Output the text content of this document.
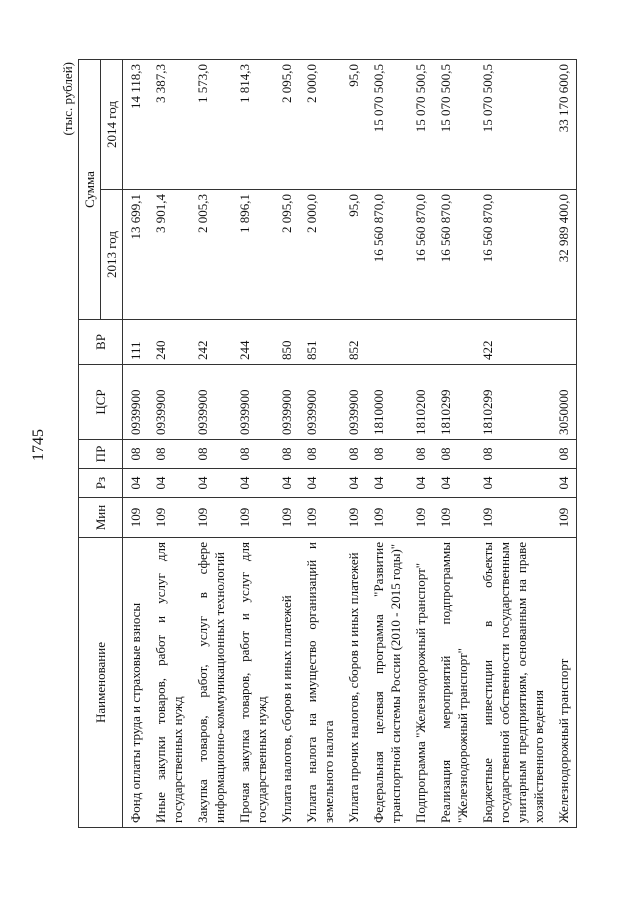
1745
(тыс. рублей)
Наименование	Мин	Рз	ПР	ЦСР	ВР	Сумма	
						2013 год	2014 год
Фонд оплаты труда и страховые взносы	109	04	08	0939900	111	13 699,1	14 118,3
Иные закупки товаров, работ и услуг для государственных нужд	109	04	08	0939900	240	3 901,4	3 387,3
Закупка товаров, работ, услуг в сфере информационно-коммуникационных технологий	109	04	08	0939900	242	2 005,3	1 573,0
Прочая закупка товаров, работ и услуг для государственных нужд	109	04	08	0939900	244	1 896,1	1 814,3
Уплата налогов, сборов и иных платежей	109	04	08	0939900	850	2 095,0	2 095,0
Уплата налога на имущество организаций и земельного налога	109	04	08	0939900	851	2 000,0	2 000,0
Уплата прочих налогов, сборов и иных платежей	109	04	08	0939900	852	95,0	95,0
Федеральная целевая программа "Развитие транспортной системы России (2010 - 2015 годы)"	109	04	08	1810000		16 560 870,0	15 070 500,5
Подпрограмма "Железнодорожный транспорт"	109	04	08	1810200		16 560 870,0	15 070 500,5
Реализация мероприятий подпрограммы "Железнодорожный транспорт"	109	04	08	1810299		16 560 870,0	15 070 500,5
Бюджетные инвестиции в объекты государственной собственности государственным унитарным предприятиям, основанным на праве хозяйственного ведения	109	04	08	1810299	422	16 560 870,0	15 070 500,5
Железнодорожный транспорт	109	04	08	3050000		32 989 400,0	33 170 600,0
